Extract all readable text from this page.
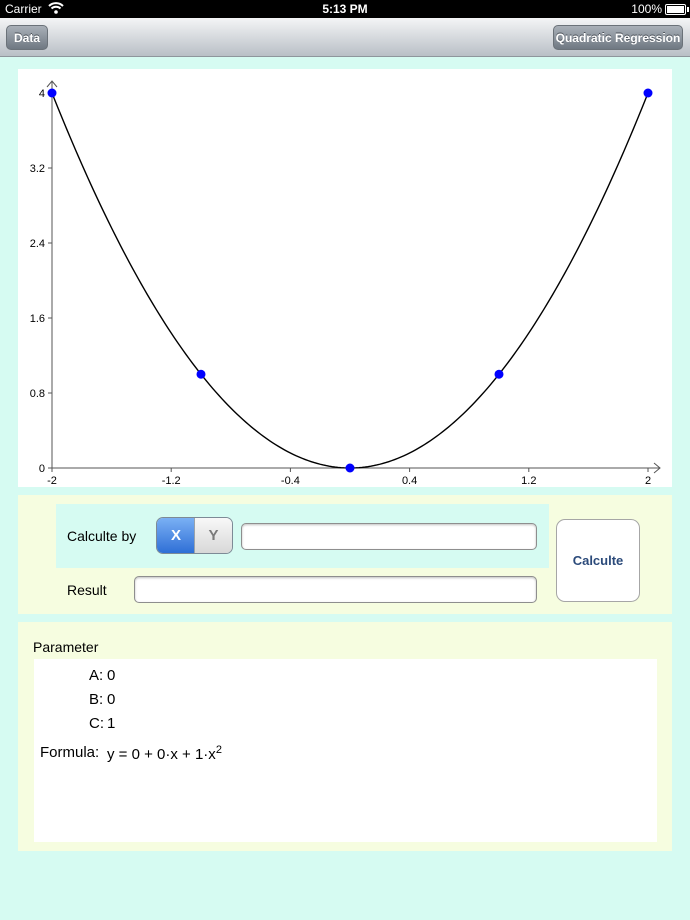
Carrier	5:13 PM	100%
Data	Quadratic Regression
-2	-1.2	-0.4	0.4	1.2	2
0
0.8
1.6
2.4
3.2
4
Calculte by	X	Y
Result
Calculte
Parameter
A: 0
B: 0
C: 1
Formula: $y = 0 + 0\cdot x + 1\cdot x^2$
